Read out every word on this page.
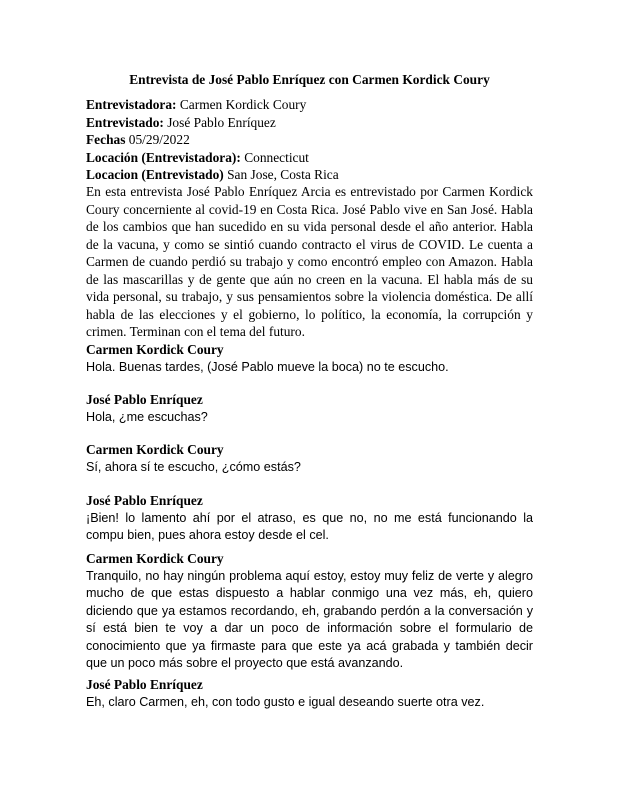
Entrevista de José Pablo Enríquez con Carmen Kordick Coury
Entrevistadora: Carmen Kordick Coury
Entrevistado: José Pablo Enríquez
Fechas 05/29/2022
Locación (Entrevistadora): Connecticut
Locacion (Entrevistado) San Jose, Costa Rica
En esta entrevista José Pablo Enríquez Arcia es entrevistado por Carmen Kordick Coury concerniente al covid-19 en Costa Rica. José Pablo vive en San José. Habla de los cambios que han sucedido en su vida personal desde el año anterior. Habla de la vacuna, y como se sintió cuando contracto el virus de COVID. Le cuenta a Carmen de cuando perdió su trabajo y como encontró empleo con Amazon. Habla de las mascarillas y de gente que aún no creen en la vacuna. El habla más de su vida personal, su trabajo, y sus pensamientos sobre la violencia doméstica. De allí habla de las elecciones y el gobierno, lo político, la economía, la corrupción y crimen. Terminan con el tema del futuro.
Carmen Kordick Coury
Hola. Buenas tardes, (José Pablo mueve la boca) no te escucho.
José Pablo Enríquez
Hola, ¿me escuchas?
Carmen Kordick Coury
Sí, ahora sí te escucho, ¿cómo estás?
José Pablo Enríquez
¡Bien! lo lamento ahí por el atraso, es que no, no me está funcionando la compu bien, pues ahora estoy desde el cel.
Carmen Kordick Coury
Tranquilo, no hay ningún problema aquí estoy, estoy muy feliz de verte y alegro mucho de que estas dispuesto a hablar conmigo una vez más, eh, quiero diciendo que ya estamos recordando, eh, grabando perdón a la conversación y sí está bien te voy a dar un poco de información sobre el formulario de conocimiento que ya firmaste para que este ya acá grabada y también decir que un poco más sobre el proyecto que está avanzando.
José Pablo Enríquez
Eh, claro Carmen, eh, con todo gusto e igual deseando suerte otra vez.
